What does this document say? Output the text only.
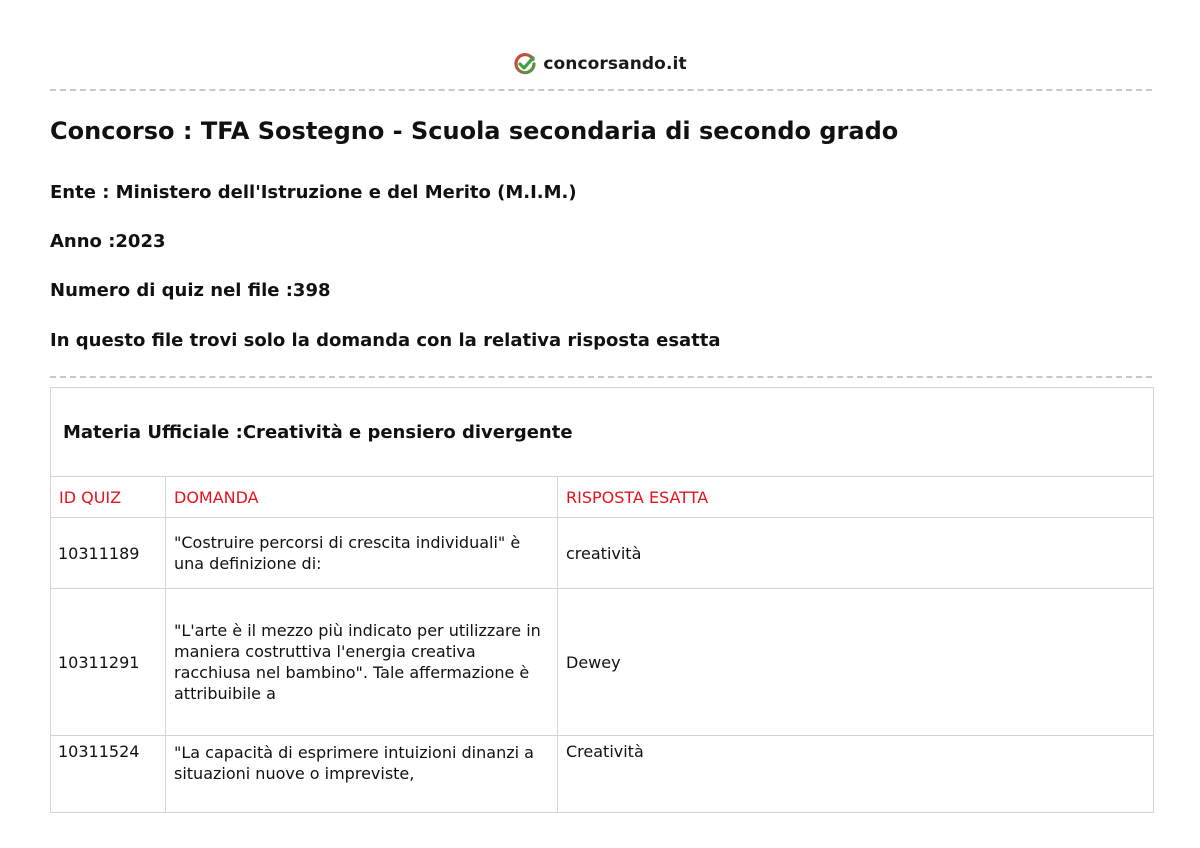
concorsando.it
Concorso : TFA Sostegno - Scuola secondaria di secondo grado

Ente : Ministero dell'Istruzione e del Merito (M.I.M.)

Anno :2023

Numero di quiz nel file :398

In questo file trovi solo la domanda con la relativa risposta esatta

Materia Ufficiale :Creatività e pensiero divergente		
ID QUIZ	DOMANDA	RISPOSTA ESATTA
10311189	"Costruire percorsi di crescita individuali" è una definizione di:	creatività
10311291	"L'arte è il mezzo più indicato per utilizzare in maniera costruttiva l'energia creativa racchiusa nel bambino". Tale affermazione è attribuibile a	Dewey
10311524	"La capacità di esprimere intuizioni dinanzi a situazioni nuove o impreviste,	Creatività
